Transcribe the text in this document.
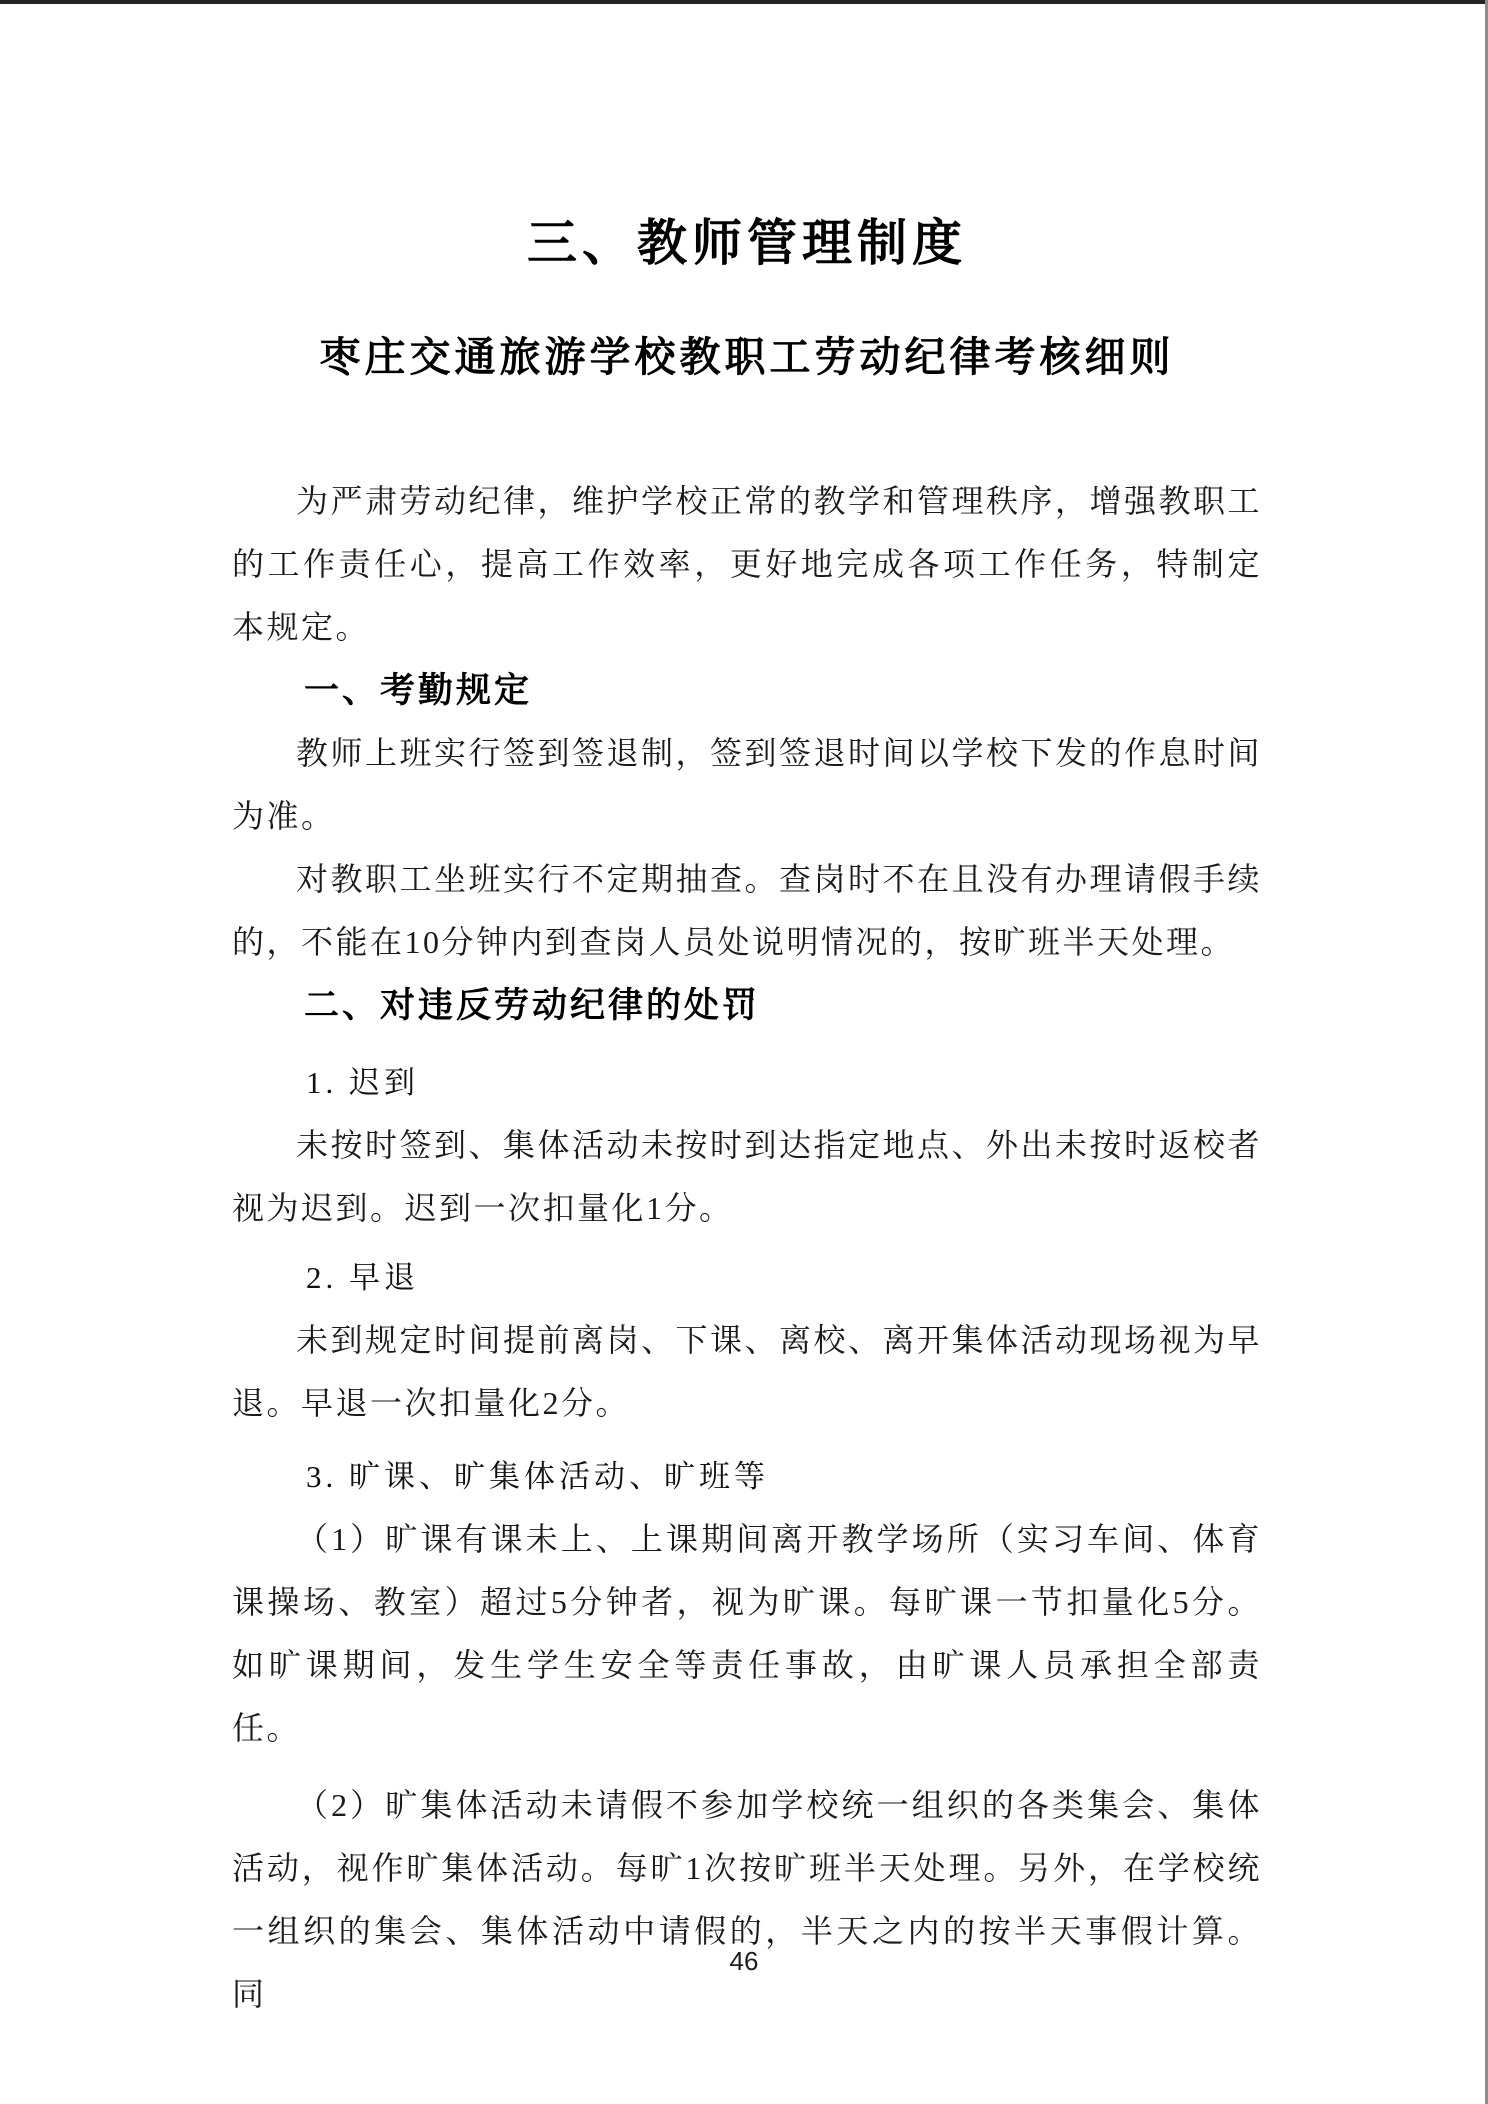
三、教师管理制度
枣庄交通旅游学校教职工劳动纪律考核细则

为严肃劳动纪律，维护学校正常的教学和管理秩序，增强教职工的工作责任心，提高工作效率，更好地完成各项工作任务，特制定本规定。

一、考勤规定

教师上班实行签到签退制，签到签退时间以学校下发的作息时间为准。

对教职工坐班实行不定期抽查。查岗时不在且没有办理请假手续的，不能在10分钟内到查岗人员处说明情况的，按旷班半天处理。

二、对违反劳动纪律的处罚

1. 迟到

未按时签到、集体活动未按时到达指定地点、外出未按时返校者视为迟到。迟到一次扣量化1分。

2. 早退

未到规定时间提前离岗、下课、离校、离开集体活动现场视为早退。早退一次扣量化2分。

3. 旷课、旷集体活动、旷班等

（1）旷课有课未上、上课期间离开教学场所（实习车间、体育课操场、教室）超过5分钟者，视为旷课。每旷课一节扣量化5分。如旷课期间，发生学生安全等责任事故，由旷课人员承担全部责任。

（2）旷集体活动未请假不参加学校统一组织的各类集会、集体活动，视作旷集体活动。每旷1次按旷班半天处理。另外，在学校统一组织的集会、集体活动中请假的，半天之内的按半天事假计算。同

46
